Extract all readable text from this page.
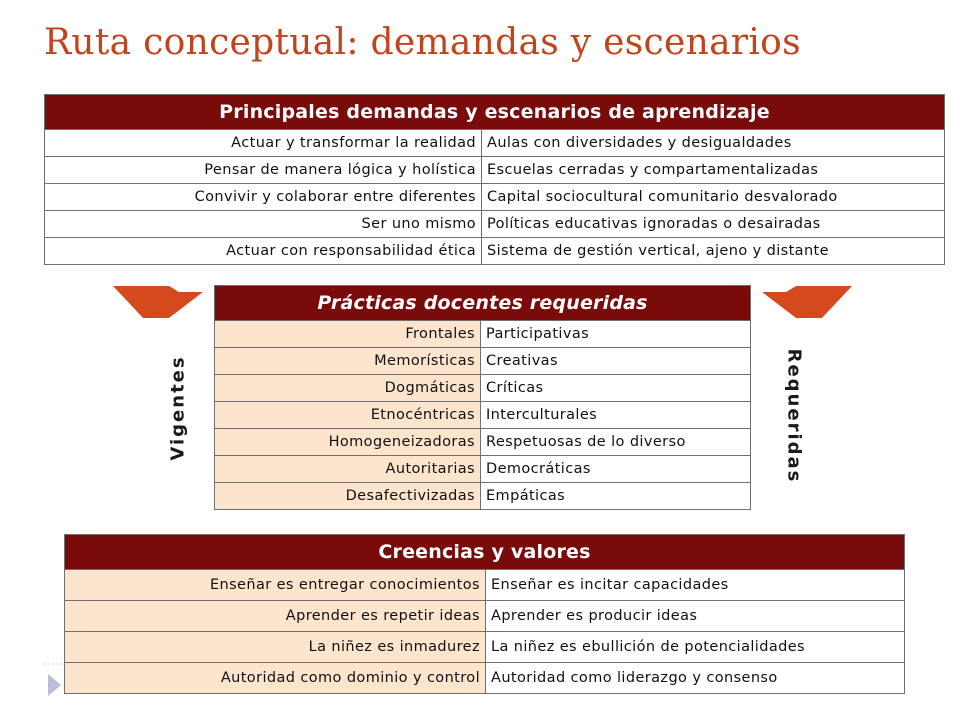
Ruta conceptual: demandas y escenarios
Principales demandas y escenarios de aprendizaje	
Actuar y transformar la realidad	Aulas con diversidades y desigualdades
Pensar de manera lógica y holística	Escuelas cerradas y compartamentalizadas
Convivir y colaborar entre diferentes	Capital sociocultural comunitario desvalorado
Ser uno mismo	Políticas educativas ignoradas o desairadas
Actuar con responsabilidad ética	Sistema de gestión vertical, ajeno y distante
Vigentes	Requeridas
Prácticas docentes requeridas	
Frontales	Participativas
Memorísticas	Creativas
Dogmáticas	Críticas
Etnocéntricas	Interculturales
Homogeneizadoras	Respetuosas de lo diverso
Autoritarias	Democráticas
Desafectivizadas	Empáticas
Creencias y valores	
Enseñar es entregar conocimientos	Enseñar es incitar capacidades
Aprender es repetir ideas	Aprender es producir ideas
La niñez es inmadurez	La niñez es ebullición de potencialidades
Autoridad como dominio y control	Autoridad como liderazgo y consenso
